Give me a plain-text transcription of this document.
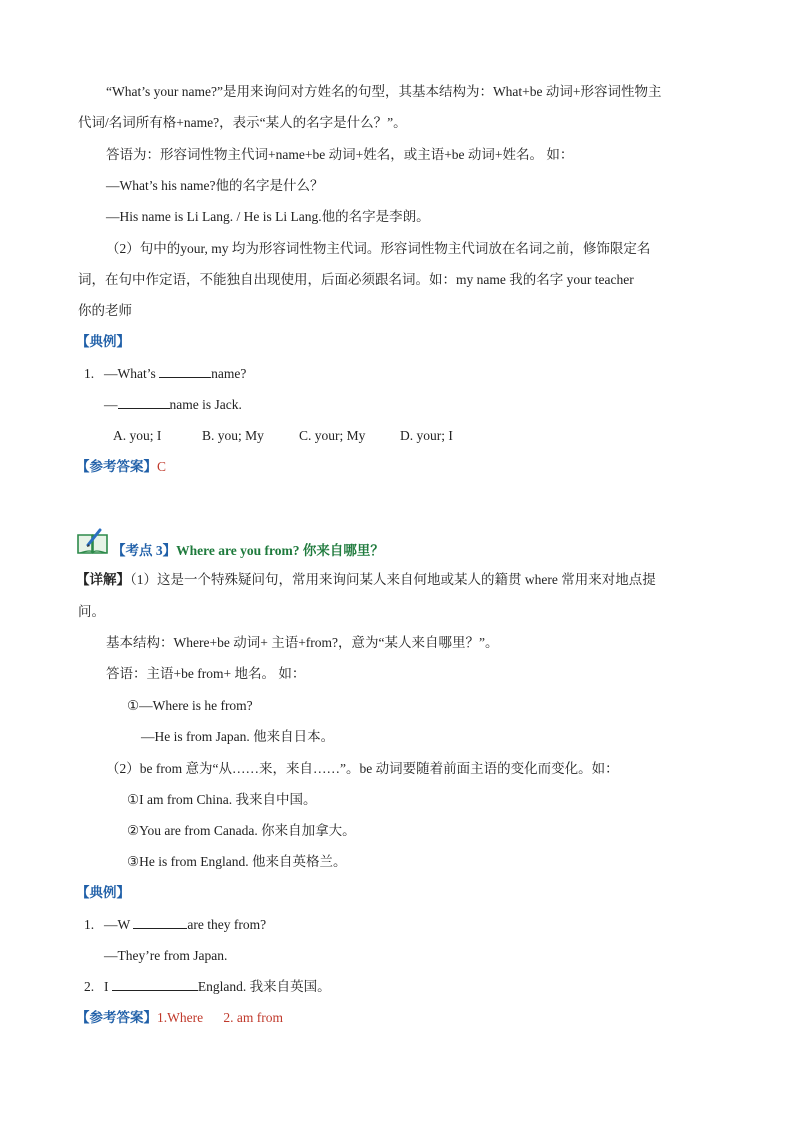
“What’s your name?”是用来询问对方姓名的句型，其基本结构为：What+be 动词+形容词性物主
代词/名词所有格+name?，表示“某人的名字是什么？”。
答语为：形容词性物主代词+name+be 动词+姓名，或主语+be 动词+姓名。 如：
—What’s his name?他的名字是什么？
—His name is Li Lang. / He is Li Lang.他的名字是李朗。
（2）句中的your, my 均为形容词性物主代词。形容词性物主代词放在名词之前，修饰限定名
词，在句中作定语，不能独自出现使用，后面必须跟名词。如：my name 我的名字 your teacher
你的老师
【典例】
1. —What’s	name?
—	name is Jack.
A. you; I	B. you; My	C. your; My	D. your; I
【参考答案】C
【考点 3】Where are you from? 你来自哪里？
【详解】（1）这是一个特殊疑问句，常用来询问某人来自何地或某人的籍贯 where 常用来对地点提
问。
基本结构：Where+be 动词+ 主语+from?，意为“某人来自哪里？”。
答语：主语+be from+ 地名。 如：
①—Where is he from?
—He is from Japan. 他来自日本。
（2）be from 意为“从……来，来自……”。be 动词要随着前面主语的变化而变化。如：
①I am from China. 我来自中国。
②You are from Canada. 你来自加拿大。
③He is from England. 他来自英格兰。
【典例】
1. —W	are they from?
—They’re from Japan.
2. I	England. 我来自英国。
【参考答案】1.Where      2. am from
